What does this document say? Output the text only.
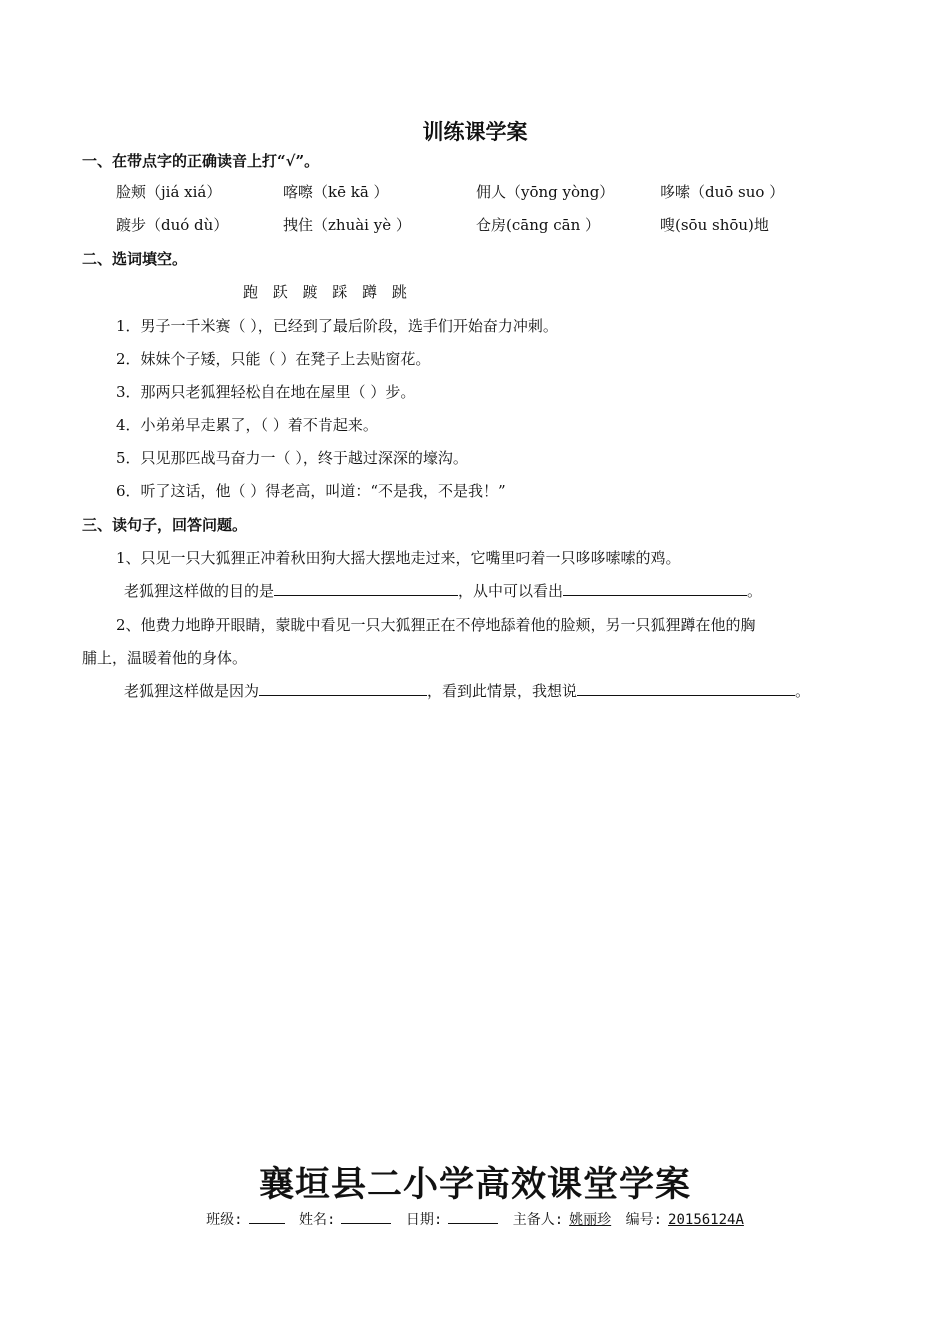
训练课学案
一、在带点字的正确读音上打“√”。
脸颊（jiá xiá）	喀嚓（kē kā ）	佣人（yōng yòng）	哆嗦（duō suo ）
踱步（duó dù）	拽住（zhuài yè ）	仓房(cāng cān ）	嗖(sōu shōu)地
二、选词填空。
跑 跃 踱 踩 蹲 跳
1．男子一千米赛（ ），已经到了最后阶段，选手们开始奋力冲刺。
2．妹妹个子矮，只能（ ）在凳子上去贴窗花。
3．那两只老狐狸轻松自在地在屋里（ ）步。
4．小弟弟早走累了，（ ）着不肯起来。
5．只见那匹战马奋力一（ ），终于越过深深的壕沟。
6．听了这话，他（ ）得老高，叫道：“不是我，不是我！”
三、读句子，回答问题。
1、只见一只大狐狸正冲着秋田狗大摇大摆地走过来，它嘴里叼着一只哆哆嗦嗦的鸡。
老狐狸这样做的目的是	，从中可以看出	。
2、他费力地睁开眼睛，蒙眬中看见一只大狐狸正在不停地舔着他的脸颊，另一只狐狸蹲在他的胸
脯上，温暖着他的身体。
老狐狸这样做是因为	，看到此情景，我想说	。
襄垣县二小学高效课堂学案
班级:	姓名:	日期:	主备人: 姚丽珍 编号: 20156124A
